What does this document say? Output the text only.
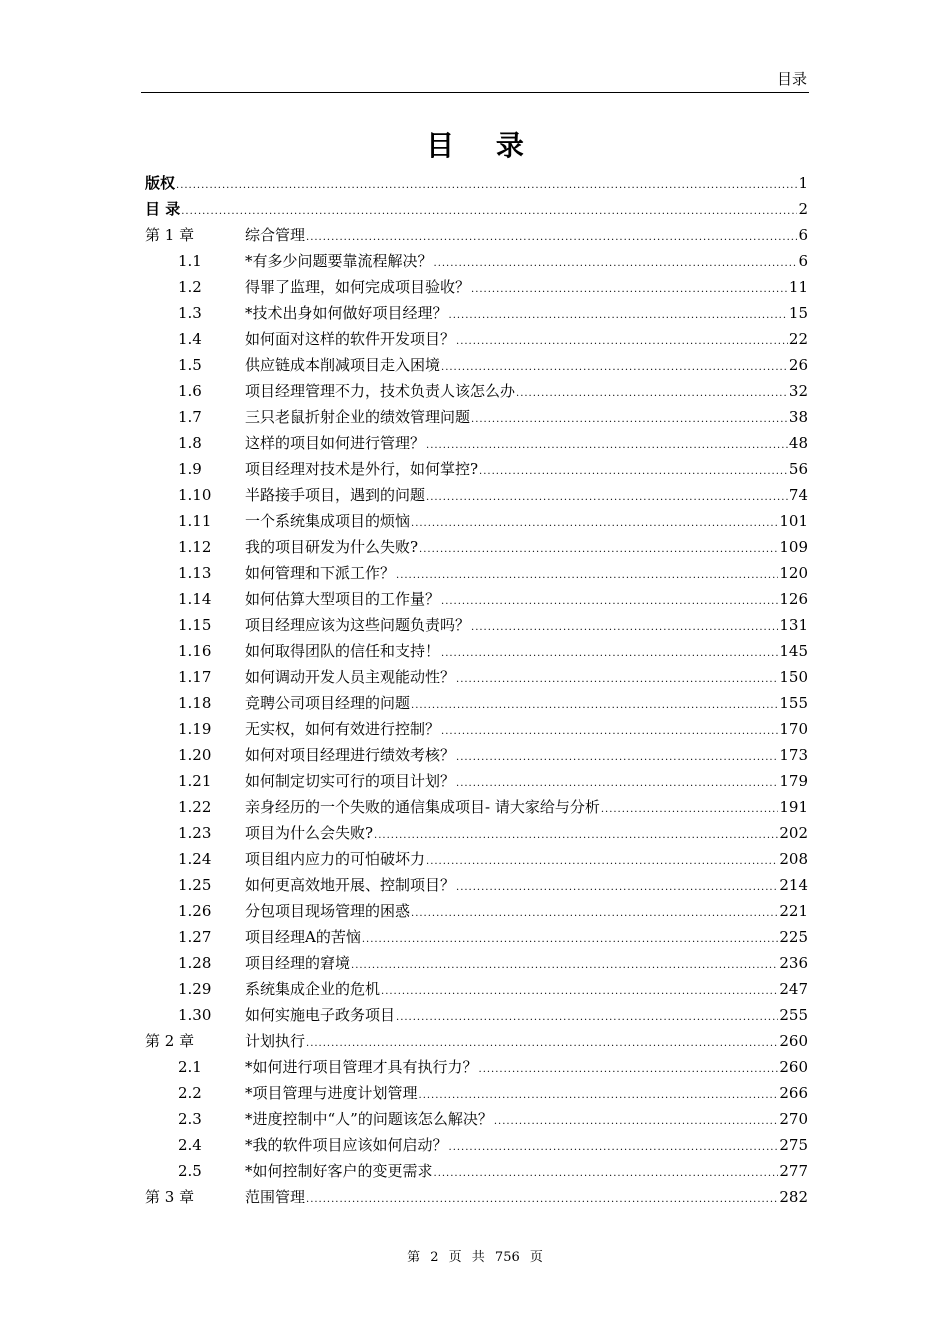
目录
目 录
版权 .....	1
目 录 .....	2
第 1 章	综合管理 .....	6
1.1	*有多少问题要靠流程解决？ .....	6
1.2	得罪了监理，如何完成项目验收？ .....	11
1.3	*技术出身如何做好项目经理？ .....	15
1.4	如何面对这样的软件开发项目？ .....	22
1.5	供应链成本削减项目走入困境 .....	26
1.6	项目经理管理不力，技术负责人该怎么办 .....	32
1.7	三只老鼠折射企业的绩效管理问题 .....	38
1.8	这样的项目如何进行管理？ .....	48
1.9	项目经理对技术是外行，如何掌控? .....	56
1.10	半路接手项目，遇到的问题 .....	74
1.11	一个系统集成项目的烦恼 .....	101
1.12	我的项目研发为什么失败? .....	109
1.13	如何管理和下派工作？ .....	120
1.14	如何估算大型项目的工作量？ .....	126
1.15	项目经理应该为这些问题负责吗？ .....	131
1.16	如何取得团队的信任和支持！ .....	145
1.17	如何调动开发人员主观能动性？ .....	150
1.18	竞聘公司项目经理的问题 .....	155
1.19	无实权，如何有效进行控制？ .....	170
1.20	如何对项目经理进行绩效考核？ .....	173
1.21	如何制定切实可行的项目计划？ .....	179
1.22	亲身经历的一个失败的通信集成项目- 请大家给与分析 .....	191
1.23	项目为什么会失败? .....	202
1.24	项目组内应力的可怕破坏力 .....	208
1.25	如何更高效地开展、控制项目？ .....	214
1.26	分包项目现场管理的困惑 .....	221
1.27	项目经理A的苦恼 .....	225
1.28	项目经理的窘境 .....	236
1.29	系统集成企业的危机 .....	247
1.30	如何实施电子政务项目 .....	255
第 2 章	计划执行 .....	260
2.1	*如何进行项目管理才具有执行力？ .....	260
2.2	*项目管理与进度计划管理 .....	266
2.3	*进度控制中“人”的问题该怎么解决？ .....	270
2.4	*我的软件项目应该如何启动？ .....	275
2.5	*如何控制好客户的变更需求 .....	277
第 3 章	范围管理 .....	282
第 2 页 共 756 页
